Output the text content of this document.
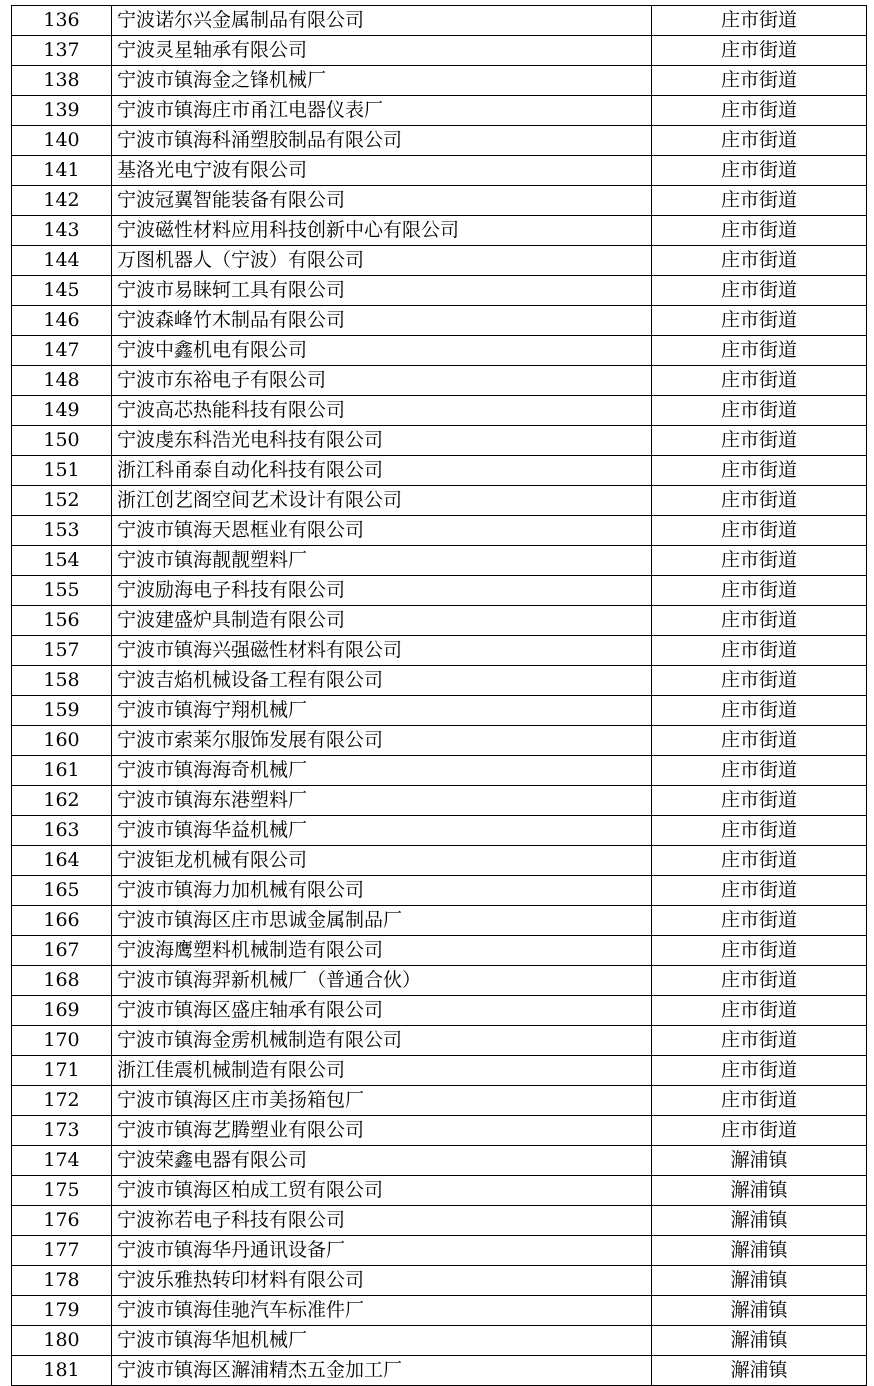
136	宁波诺尔兴金属制品有限公司	庄市街道
137	宁波灵星轴承有限公司	庄市街道
138	宁波市镇海金之锋机械厂	庄市街道
139	宁波市镇海庄市甬江电器仪表厂	庄市街道
140	宁波市镇海科涌塑胶制品有限公司	庄市街道
141	基洛光电宁波有限公司	庄市街道
142	宁波冠翼智能装备有限公司	庄市街道
143	宁波磁性材料应用科技创新中心有限公司	庄市街道
144	万图机器人（宁波）有限公司	庄市街道
145	宁波市易睐轲工具有限公司	庄市街道
146	宁波森峰竹木制品有限公司	庄市街道
147	宁波中鑫机电有限公司	庄市街道
148	宁波市东裕电子有限公司	庄市街道
149	宁波高芯热能科技有限公司	庄市街道
150	宁波虔东科浩光电科技有限公司	庄市街道
151	浙江科甬泰自动化科技有限公司	庄市街道
152	浙江创艺阁空间艺术设计有限公司	庄市街道
153	宁波市镇海天恩框业有限公司	庄市街道
154	宁波市镇海靓靓塑料厂	庄市街道
155	宁波励海电子科技有限公司	庄市街道
156	宁波建盛炉具制造有限公司	庄市街道
157	宁波市镇海兴强磁性材料有限公司	庄市街道
158	宁波吉焰机械设备工程有限公司	庄市街道
159	宁波市镇海宁翔机械厂	庄市街道
160	宁波市索莱尔服饰发展有限公司	庄市街道
161	宁波市镇海海奇机械厂	庄市街道
162	宁波市镇海东港塑料厂	庄市街道
163	宁波市镇海华益机械厂	庄市街道
164	宁波钜龙机械有限公司	庄市街道
165	宁波市镇海力加机械有限公司	庄市街道
166	宁波市镇海区庄市思诚金属制品厂	庄市街道
167	宁波海鹰塑料机械制造有限公司	庄市街道
168	宁波市镇海羿新机械厂（普通合伙）	庄市街道
169	宁波市镇海区盛庄轴承有限公司	庄市街道
170	宁波市镇海金雳机械制造有限公司	庄市街道
171	浙江佳震机械制造有限公司	庄市街道
172	宁波市镇海区庄市美扬箱包厂	庄市街道
173	宁波市镇海艺腾塑业有限公司	庄市街道
174	宁波荣鑫电器有限公司	澥浦镇
175	宁波市镇海区柏成工贸有限公司	澥浦镇
176	宁波祢若电子科技有限公司	澥浦镇
177	宁波市镇海华丹通讯设备厂	澥浦镇
178	宁波乐雅热转印材料有限公司	澥浦镇
179	宁波市镇海佳驰汽车标准件厂	澥浦镇
180	宁波市镇海华旭机械厂	澥浦镇
181	宁波市镇海区澥浦精杰五金加工厂	澥浦镇
